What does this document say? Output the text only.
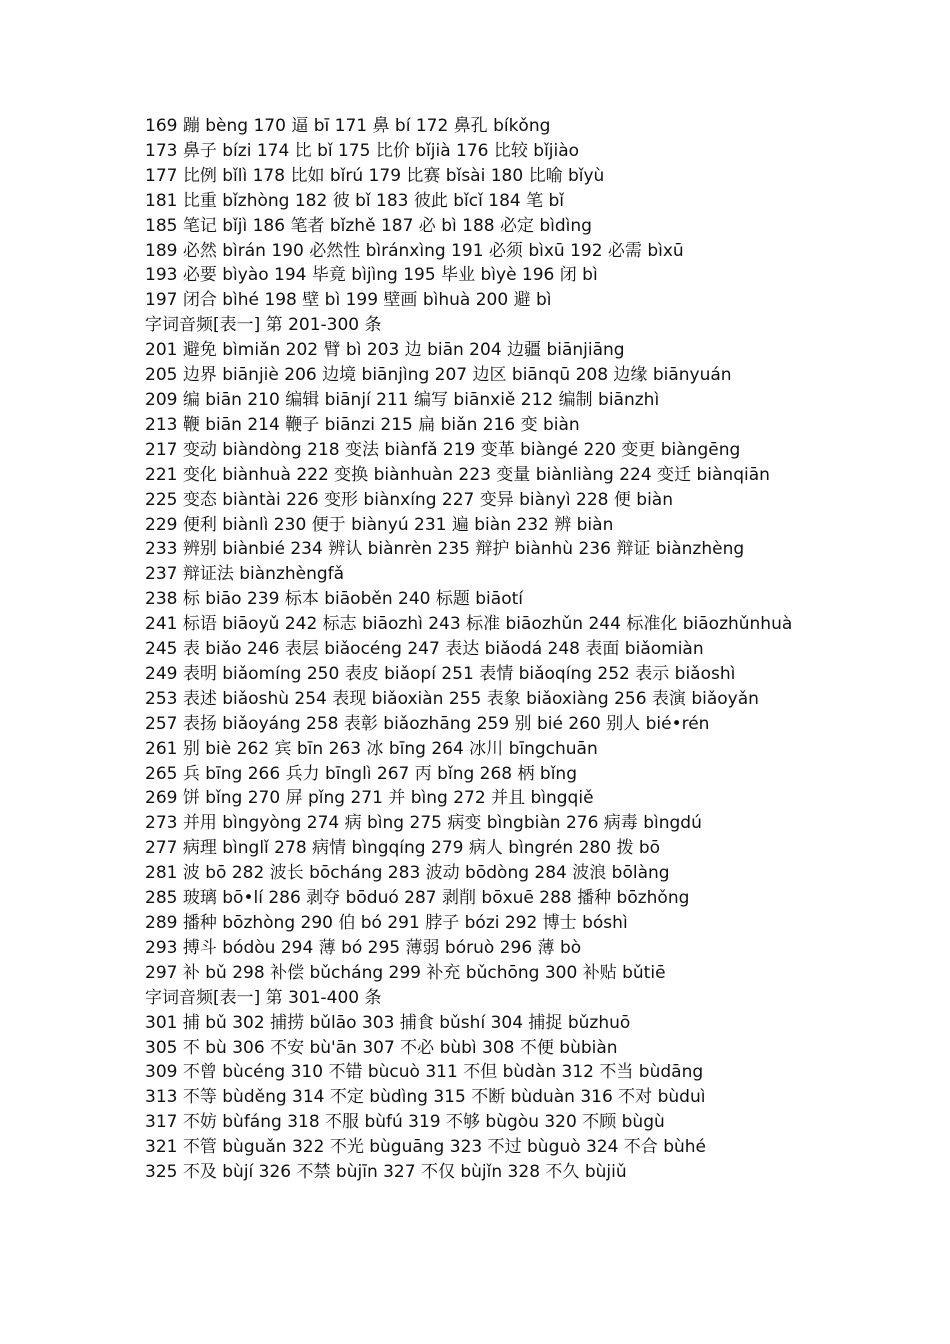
169 蹦 bèng 170 逼 bī 171 鼻 bí 172 鼻孔 bíkǒng
173 鼻子 bízi 174 比 bǐ 175 比价 bǐjià 176 比较 bǐjiào
177 比例 bǐlì 178 比如 bǐrú 179 比赛 bǐsài 180 比喻 bǐyù
181 比重 bǐzhòng 182 彼 bǐ 183 彼此 bǐcǐ 184 笔 bǐ
185 笔记 bǐjì 186 笔者 bǐzhě 187 必 bì 188 必定 bìdìng
189 必然 bìrán 190 必然性 bìránxìng 191 必须 bìxū 192 必需 bìxū
193 必要 bìyào 194 毕竟 bìjìng 195 毕业 bìyè 196 闭 bì
197 闭合 bìhé 198 壁 bì 199 壁画 bìhuà 200 避 bì
字词音频[表一] 第 201-300 条
201 避免 bìmiǎn 202 臂 bì 203 边 biān 204 边疆 biānjiāng
205 边界 biānjiè 206 边境 biānjìng 207 边区 biānqū 208 边缘 biānyuán
209 编 biān 210 编辑 biānjí 211 编写 biānxiě 212 编制 biānzhì
213 鞭 biān 214 鞭子 biānzi 215 扁 biǎn 216 变 biàn
217 变动 biàndòng 218 变法 biànfǎ 219 变革 biàngé 220 变更 biàngēng
221 变化 biànhuà 222 变换 biànhuàn 223 变量 biànliàng 224 变迁 biànqiān
225 变态 biàntài 226 变形 biànxíng 227 变异 biànyì 228 便 biàn
229 便利 biànlì 230 便于 biànyú 231 遍 biàn 232 辨 biàn
233 辨别 biànbié 234 辨认 biànrèn 235 辩护 biànhù 236 辩证 biànzhèng
237 辩证法 biànzhèngfǎ
238 标 biāo 239 标本 biāoběn 240 标题 biāotí
241 标语 biāoyǔ 242 标志 biāozhì 243 标准 biāozhǔn 244 标准化 biāozhǔnhuà
245 表 biǎo 246 表层 biǎocéng 247 表达 biǎodá 248 表面 biǎomiàn
249 表明 biǎomíng 250 表皮 biǎopí 251 表情 biǎoqíng 252 表示 biǎoshì
253 表述 biǎoshù 254 表现 biǎoxiàn 255 表象 biǎoxiàng 256 表演 biǎoyǎn
257 表扬 biǎoyáng 258 表彰 biǎozhāng 259 别 bié 260 别人 bié•rén
261 别 biè 262 宾 bīn 263 冰 bīng 264 冰川 bīngchuān
265 兵 bīng 266 兵力 bīnglì 267 丙 bǐng 268 柄 bǐng
269 饼 bǐng 270 屏 pǐng 271 并 bìng 272 并且 bìngqiě
273 并用 bìngyòng 274 病 bìng 275 病变 bìngbiàn 276 病毒 bìngdú
277 病理 bìnglǐ 278 病情 bìngqíng 279 病人 bìngrén 280 拨 bō
281 波 bō 282 波长 bōcháng 283 波动 bōdòng 284 波浪 bōlàng
285 玻璃 bō•lí 286 剥夺 bōduó 287 剥削 bōxuē 288 播种 bōzhǒng
289 播种 bōzhòng 290 伯 bó 291 脖子 bózi 292 博士 bóshì
293 搏斗 bódòu 294 薄 bó 295 薄弱 bóruò 296 薄 bò
297 补 bǔ 298 补偿 bǔcháng 299 补充 bǔchōng 300 补贴 bǔtiē
字词音频[表一] 第 301-400 条
301 捕 bǔ 302 捕捞 bǔlāo 303 捕食 bǔshí 304 捕捉 bǔzhuō
305 不 bù 306 不安 bù'ān 307 不必 bùbì 308 不便 bùbiàn
309 不曾 bùcéng 310 不错 bùcuò 311 不但 bùdàn 312 不当 bùdāng
313 不等 bùděng 314 不定 bùdìng 315 不断 bùduàn 316 不对 bùduì
317 不妨 bùfáng 318 不服 bùfú 319 不够 bùgòu 320 不顾 bùgù
321 不管 bùguǎn 322 不光 bùguāng 323 不过 bùguò 324 不合 bùhé
325 不及 bùjí 326 不禁 bùjīn 327 不仅 bùjǐn 328 不久 bùjiǔ
